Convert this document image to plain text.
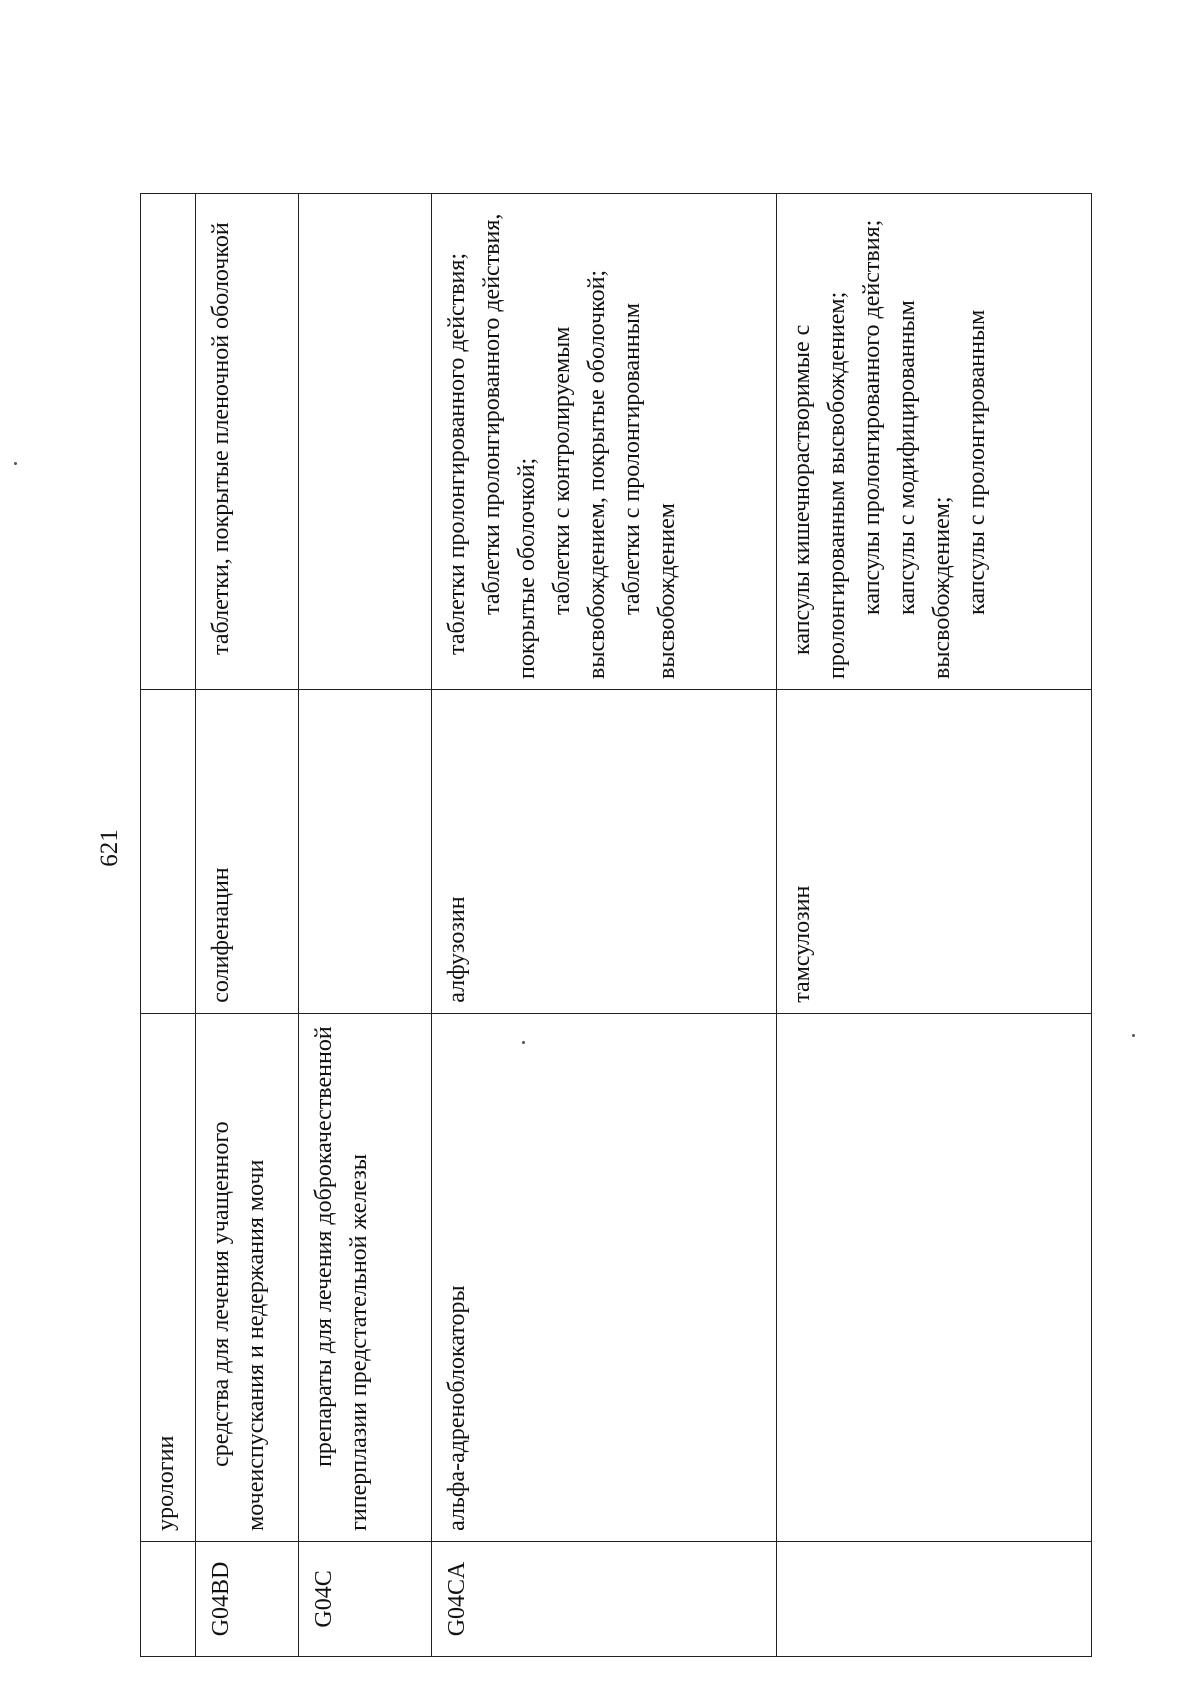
621
	урологии		
G04BD	средства для лечения учащенного мочеиспускания и недержания мочи	солифенацин	таблетки, покрытые пленочной оболочкой

G04C	препараты для лечения доброкачественной гиперплазии предстательной железы		
G04CA	альфа-адреноблокаторы	алфузозин	таблетки пролонгированного действия; таблетки пролонгированного действия, покрытые оболочкой; таблетки с контролируемым высвобождением, покрытые оболочкой; таблетки с пролонгированным высвобождением

		тамсулозин	капсулы кишечнорастворимые с пролонгированным высвобождением; капсулы пролонгированного действия; капсулы с модифицированным высвобождением; капсулы с пролонгированным
